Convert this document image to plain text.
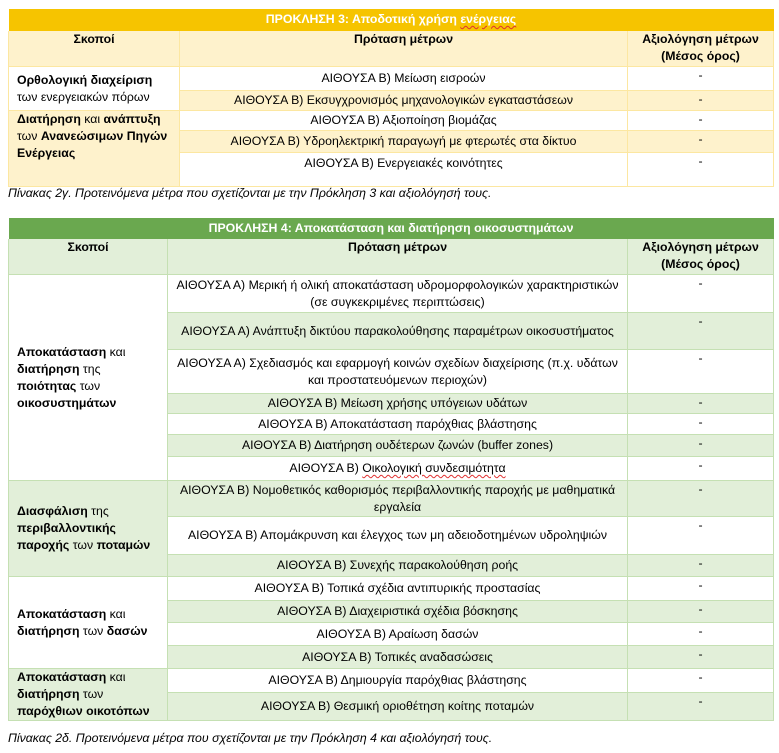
ΠΡΟΚΛΗΣΗ 3: Αποδοτική χρήση ενέργειας		
Σκοποί	Πρόταση μέτρων	Αξιολόγηση μέτρων
(Μέσος όρος)
Ορθολογική διαχείριση των ενεργειακών πόρων	ΑΙΘΟΥΣΑ Β) Μείωση εισροών	-
	ΑΙΘΟΥΣΑ Β) Εκσυγχρονισμός μηχανολογικών εγκαταστάσεων	-
Διατήρηση και ανάπτυξη των Ανανεώσιμων Πηγών Ενέργειας	ΑΙΘΟΥΣΑ Β) Αξιοποίηση βιομάζας	-
	ΑΙΘΟΥΣΑ Β) Υδροηλεκτρική παραγωγή με φτερωτές στα δίκτυο	-
	ΑΙΘΟΥΣΑ Β) Ενεργειακές κοινότητες	-
Πίνακας 2γ. Προτεινόμενα μέτρα που σχετίζονται με την Πρόκληση 3 και αξιολόγησή τους.
ΠΡΟΚΛΗΣΗ 4: Αποκατάσταση και διατήρηση οικοσυστημάτων		
Σκοποί	Πρόταση μέτρων	Αξιολόγηση μέτρων
(Μέσος όρος)
Αποκατάσταση και διατήρηση της ποιότητας των οικοσυστημάτων	ΑΙΘΟΥΣΑ Α) Μερική ή ολική αποκατάσταση υδρομορφολογικών χαρακτηριστικών (σε συγκεκριμένες περιπτώσεις)	-
	ΑΙΘΟΥΣΑ Α) Ανάπτυξη δικτύου παρακολούθησης παραμέτρων οικοσυστήματος	-
	ΑΙΘΟΥΣΑ Α) Σχεδιασμός και εφαρμογή κοινών σχεδίων διαχείρισης (π.χ. υδάτων και προστατευόμενων περιοχών)	-
	ΑΙΘΟΥΣΑ Β) Μείωση χρήσης υπόγειων υδάτων	-
	ΑΙΘΟΥΣΑ Β) Αποκατάσταση παρόχθιας βλάστησης	-
	ΑΙΘΟΥΣΑ Β) Διατήρηση ουδέτερων ζωνών (buffer zones)	-
	ΑΙΘΟΥΣΑ Β) Οικολογική συνδεσιμότητα	-
Διασφάλιση της περιβαλλοντικής παροχής των ποταμών	ΑΙΘΟΥΣΑ Β) Νομοθετικός καθορισμός περιβαλλοντικής παροχής με μαθηματικά εργαλεία	-
	ΑΙΘΟΥΣΑ Β) Απομάκρυνση και έλεγχος των μη αδειοδοτημένων υδροληψιών	-
	ΑΙΘΟΥΣΑ Β) Συνεχής παρακολούθηση ροής	-
Αποκατάσταση και διατήρηση των δασών	ΑΙΘΟΥΣΑ Β) Τοπικά σχέδια αντιπυρικής προστασίας	-
	ΑΙΘΟΥΣΑ Β) Διαχειριστικά σχέδια βόσκησης	-
	ΑΙΘΟΥΣΑ Β) Αραίωση δασών	-
	ΑΙΘΟΥΣΑ Β) Τοπικές αναδασώσεις	-
Αποκατάσταση και διατήρηση των παρόχθιων οικοτόπων	ΑΙΘΟΥΣΑ Β) Δημιουργία παρόχθιας βλάστησης	-
	ΑΙΘΟΥΣΑ Β) Θεσμική οριοθέτηση κοίτης ποταμών	-
Πίνακας 2δ. Προτεινόμενα μέτρα που σχετίζονται με την Πρόκληση 4 και αξιολόγησή τους.
